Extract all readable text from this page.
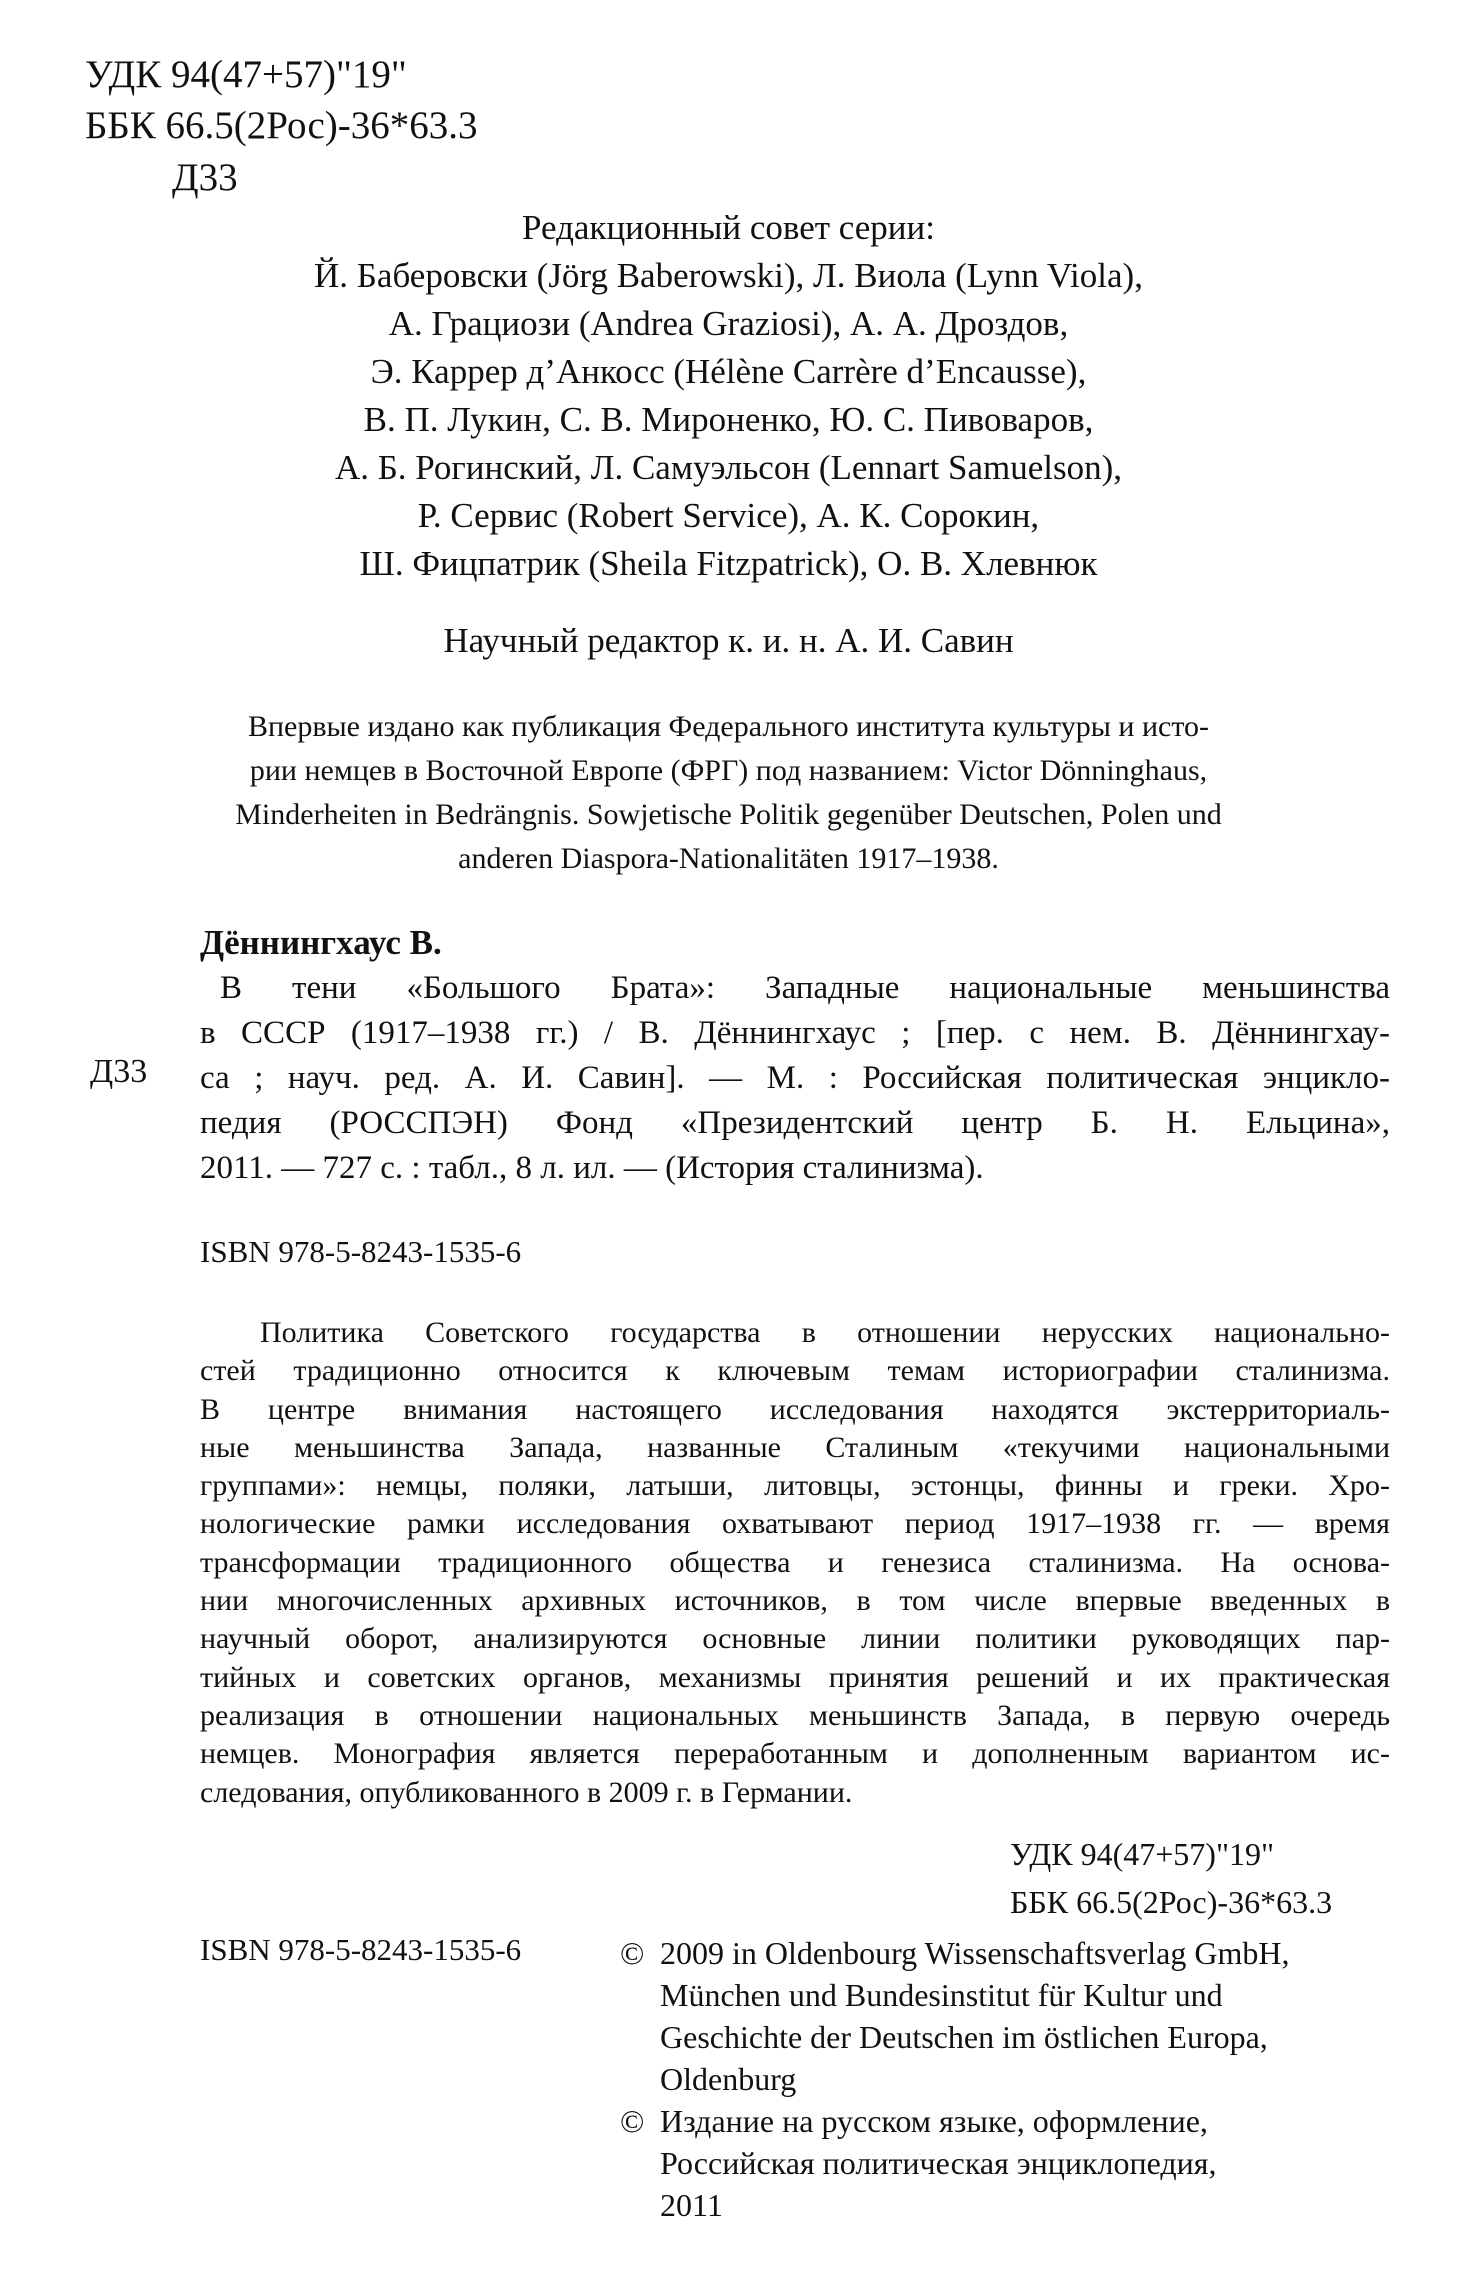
УДК 94(47+57)"19"
ББК 66.5(2Рос)-36*63.3
Д33
Редакционный совет серии:
Й. Баберовски (Jörg Baberowski), Л. Виола (Lynn Viola),
А. Грациози (Andrea Graziosi), А. А. Дроздов,
Э. Каррер д’Анкосс (Hélène Carrère d’Encausse),
В. П. Лукин, С. В. Мироненко, Ю. С. Пивоваров,
А. Б. Рогинский, Л. Самуэльсон (Lennart Samuelson),
Р. Сервис (Robert Service), А. К. Сорокин,
Ш. Фицпатрик (Sheila Fitzpatrick), О. В. Хлевнюк
Научный редактор к. и. н. А. И. Савин
Впервые издано как публикация Федерального института культуры и исто-
рии немцев в Восточной Европе (ФРГ) под названием: Victor Dönninghaus,
Minderheiten in Bedrängnis. Sowjetische Politik gegenüber Deutschen, Polen und
anderen Diaspora-Nationalitäten 1917–1938.
Дённингхаус В.
Д33
В тени «Большого Брата»: Западные национальные меньшинства
в СССР (1917–1938 гг.) / В. Дённингхаус ; [пер. с нем. В. Дённингхау-
са ; науч. ред. А. И. Савин]. — М. : Российская политическая энцикло-
педия (РОССПЭН) Фонд «Президентский центр Б. Н. Ельцина»,
2011. — 727 с. : табл., 8 л. ил. — (История сталинизма).
ISBN 978-5-8243-1535-6
Политика Советского государства в отношении нерусских национально-
стей традиционно относится к ключевым темам историографии сталинизма.
В центре внимания настоящего исследования находятся экстерриториаль-
ные меньшинства Запада, названные Сталиным «текучими национальными
группами»: немцы, поляки, латыши, литовцы, эстонцы, финны и греки. Хро-
нологические рамки исследования охватывают период 1917–1938 гг. — время
трансформации традиционного общества и генезиса сталинизма. На основа-
нии многочисленных архивных источников, в том числе впервые введенных в
научный оборот, анализируются основные линии политики руководящих пар-
тийных и советских органов, механизмы принятия решений и их практическая
реализация в отношении национальных меньшинств Запада, в первую очередь
немцев. Монография является переработанным и дополненным вариантом ис-
следования, опубликованного в 2009 г. в Германии.
УДК 94(47+57)"19"
ББК 66.5(2Рос)-36*63.3
ISBN 978-5-8243-1535-6	© 2009 in Oldenbourg Wissenschaftsverlag GmbH,
München und Bundesinstitut für Kultur und
Geschichte der Deutschen im östlichen Europa,
Oldenburg
© Издание на русском языке, оформление,
Российская политическая энциклопедия,
2011
